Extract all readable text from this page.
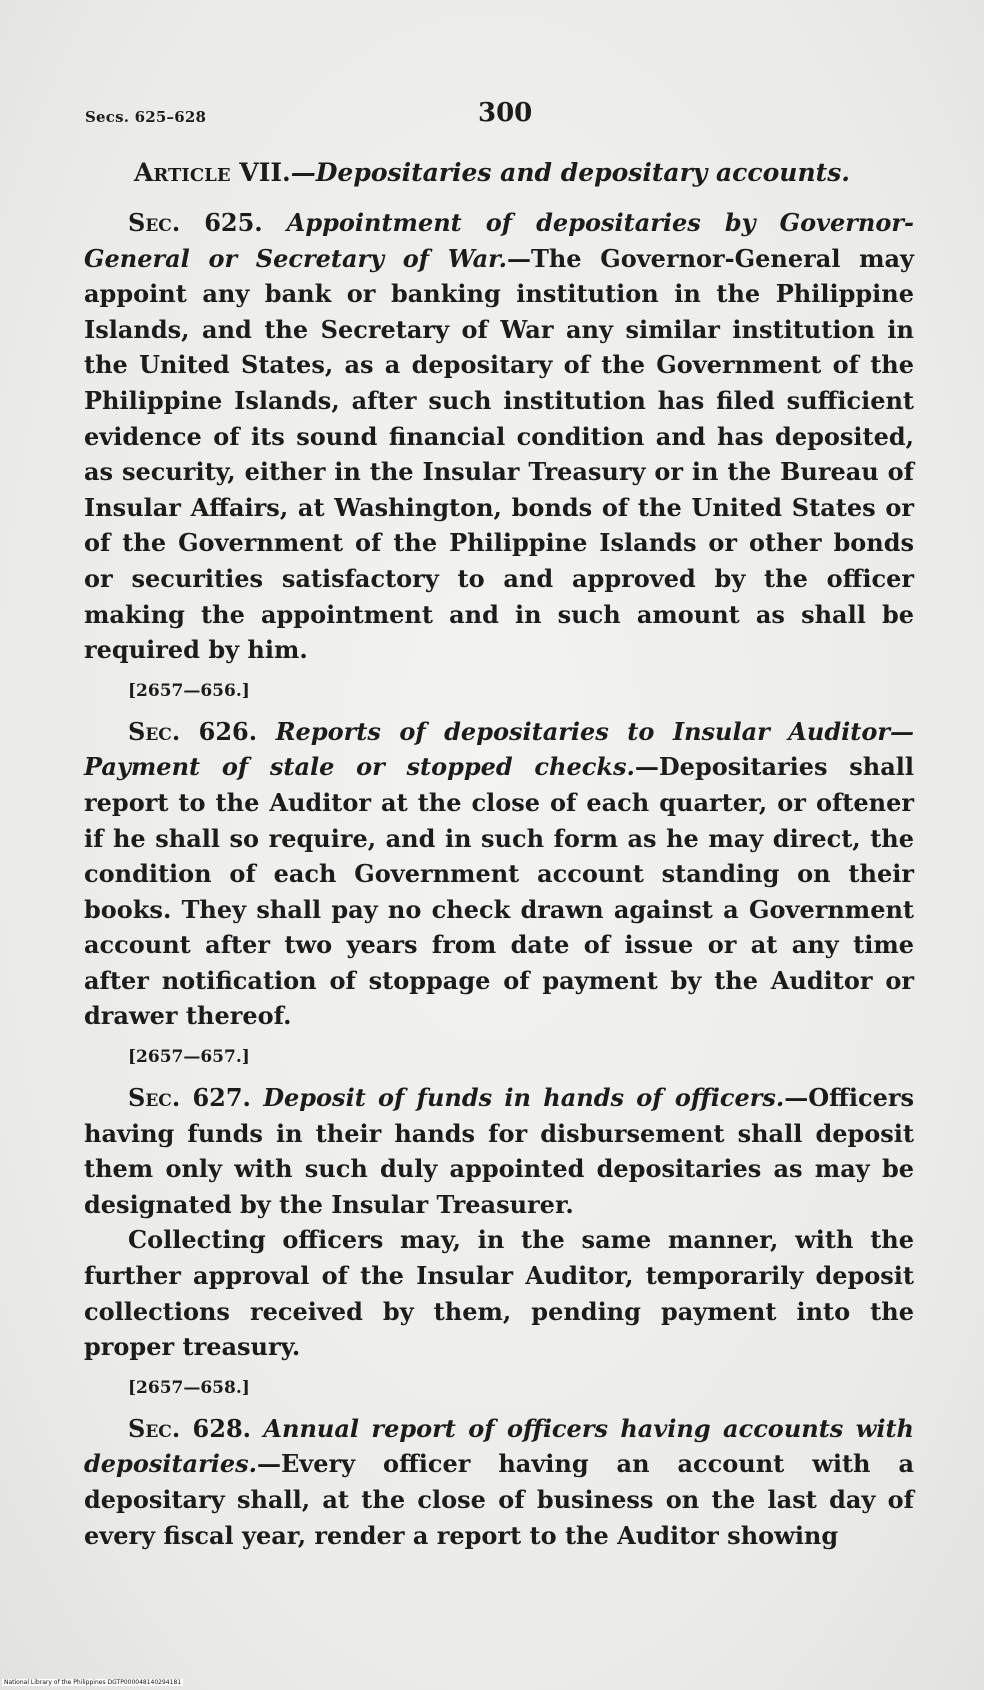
Secs. 625–628	300
Article VII.—Depositaries and depositary accounts.

Sec. 625. Appointment of depositaries by Governor-General or Secretary of War.—The Governor-General may appoint any bank or banking institution in the Philippine Islands, and the Secretary of War any similar institution in the United States, as a depositary of the Government of the Philippine Islands, after such institution has filed sufficient evidence of its sound financial condition and has deposited, as security, either in the Insular Treasury or in the Bureau of Insular Affairs, at Washington, bonds of the United States or of the Government of the Philippine Islands or other bonds or securities satisfactory to and approved by the officer making the appointment and in such amount as shall be required by him.

[2657—656.]

Sec. 626. Reports of depositaries to Insular Auditor—Payment of stale or stopped checks.—Depositaries shall report to the Auditor at the close of each quarter, or oftener if he shall so require, and in such form as he may direct, the condition of each Government account standing on their books. They shall pay no check drawn against a Government account after two years from date of issue or at any time after notification of stoppage of payment by the Auditor or drawer thereof.

[2657—657.]

Sec. 627. Deposit of funds in hands of officers.—Officers having funds in their hands for disbursement shall deposit them only with such duly appointed depositaries as may be designated by the Insular Treasurer.

Collecting officers may, in the same manner, with the further approval of the Insular Auditor, temporarily deposit collections received by them, pending payment into the proper treasury.

[2657—658.]

Sec. 628. Annual report of officers having accounts with depositaries.—Every officer having an account with a depositary shall, at the close of business on the last day of every fiscal year, render a report to the Auditor showing

National Library of the Philippines DGTP000048140294181
